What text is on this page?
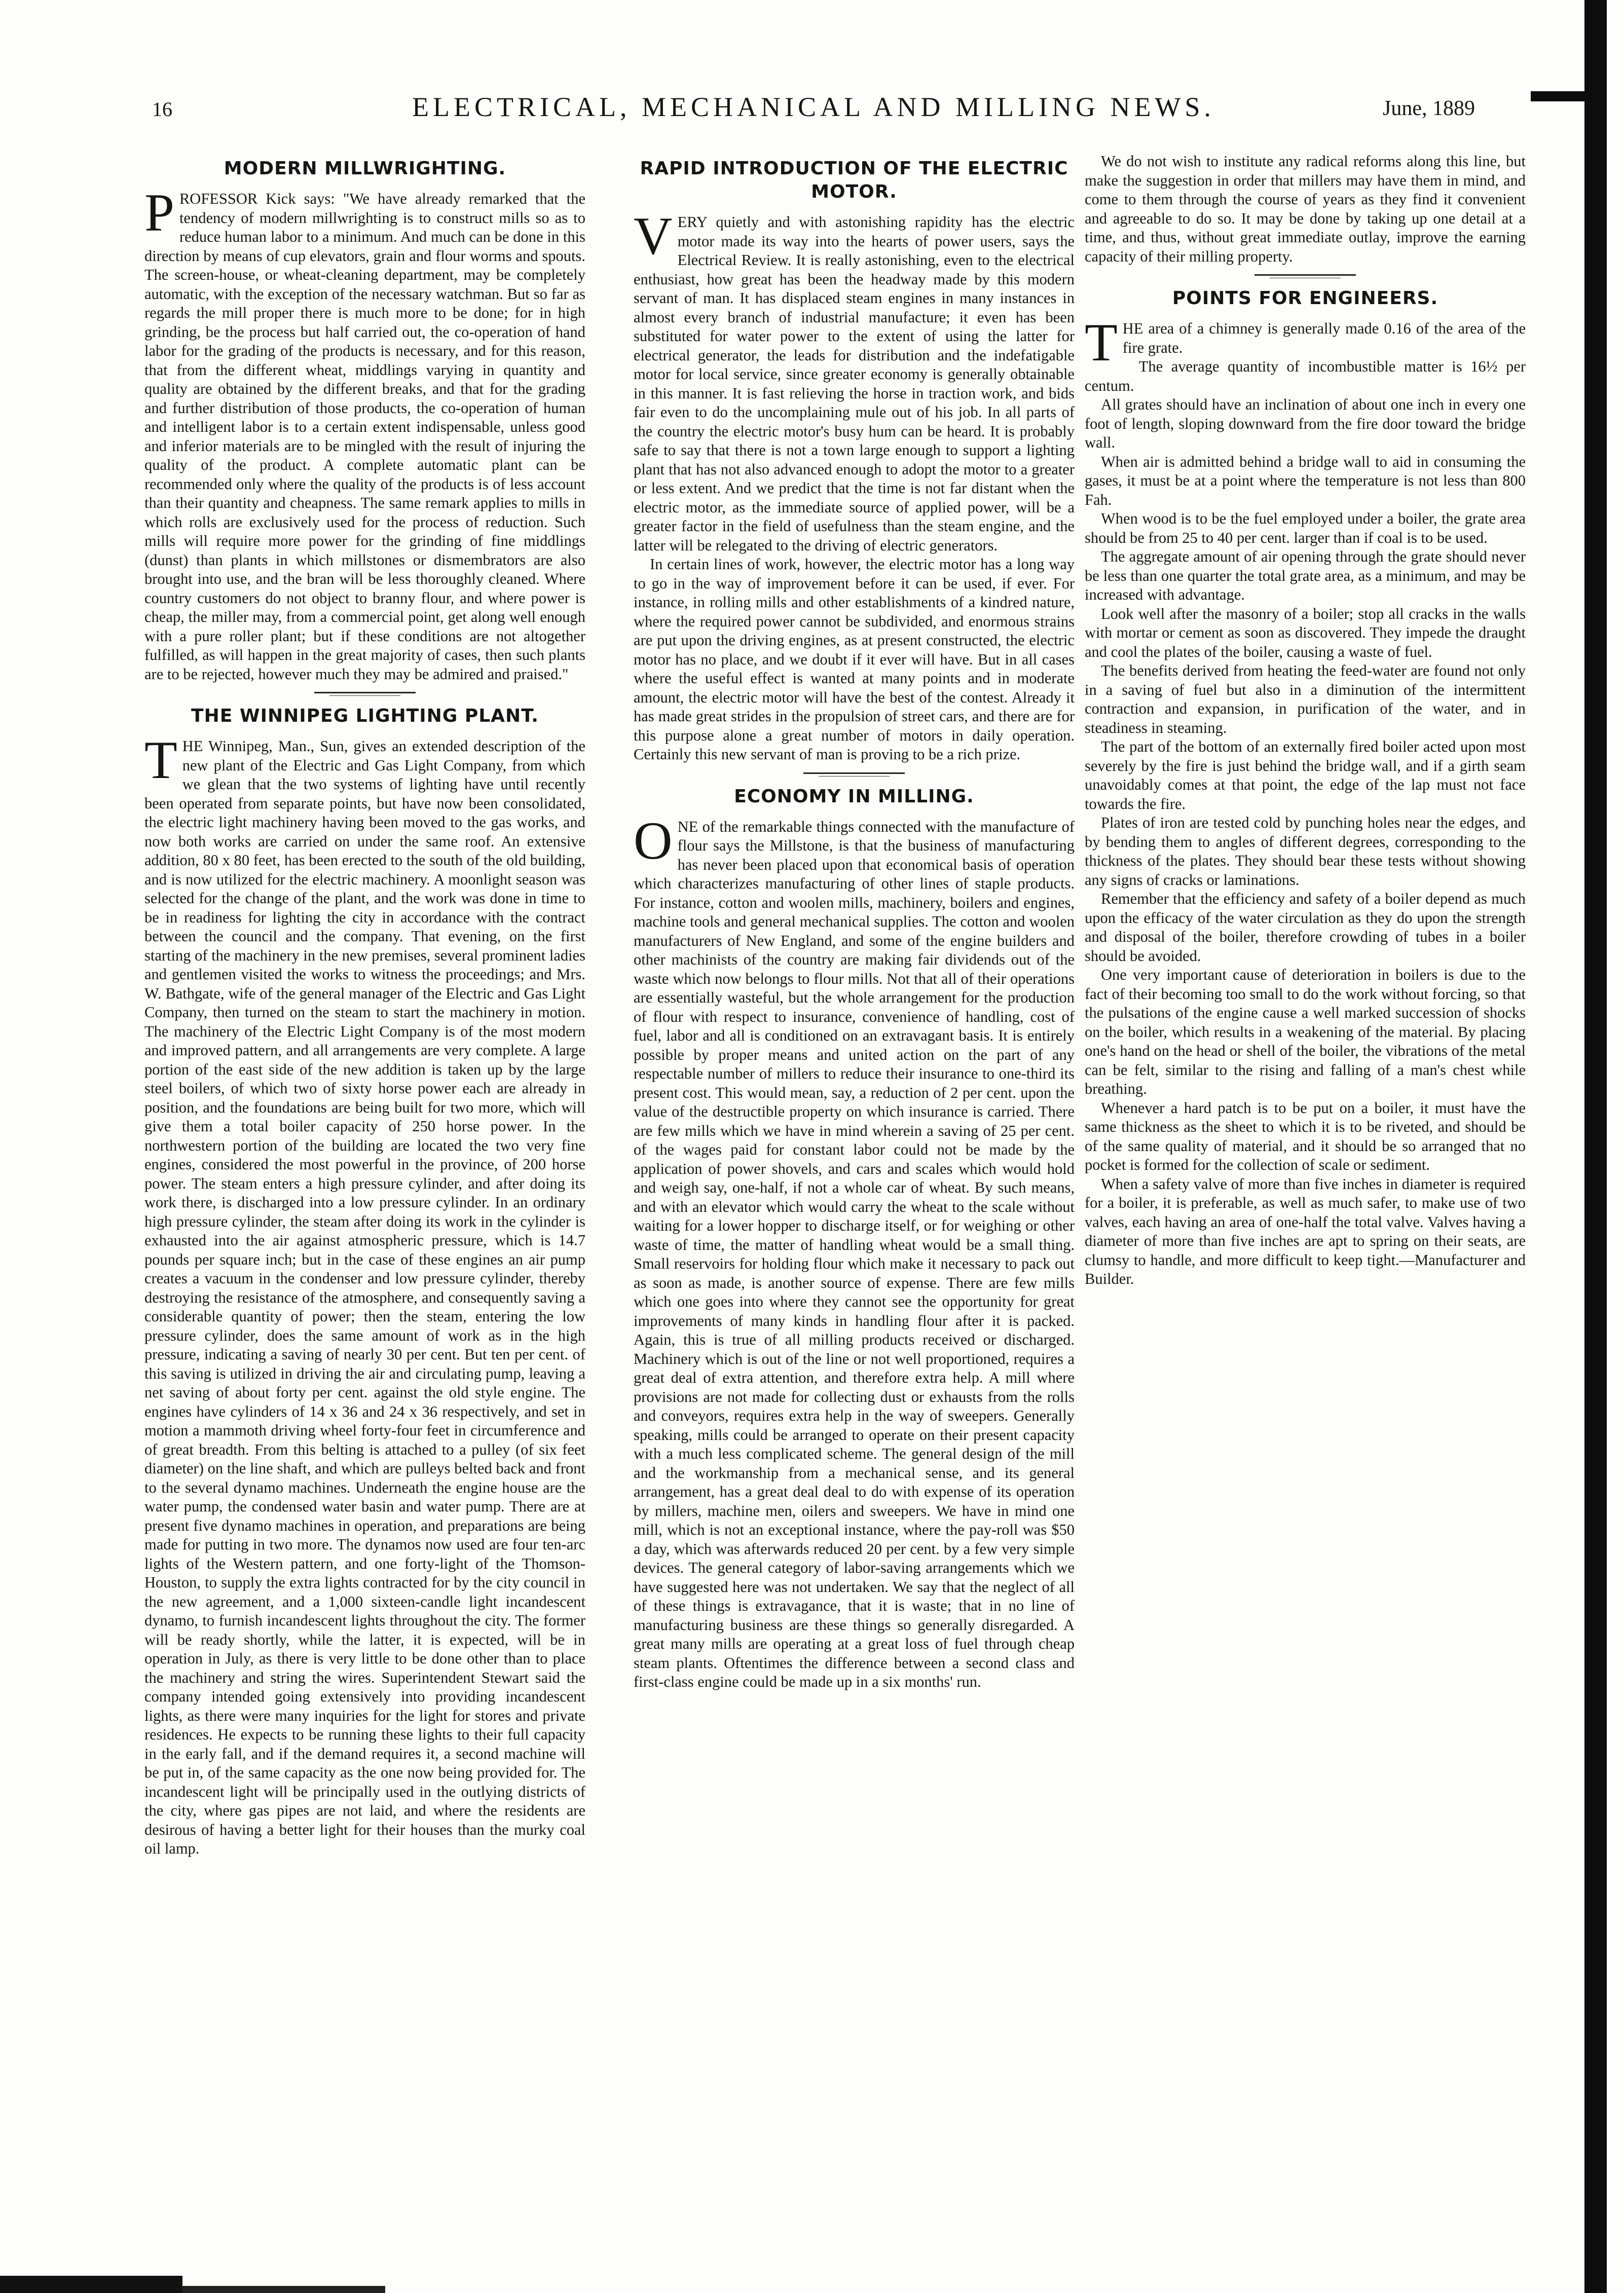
16	ELECTRICAL, MECHANICAL AND MILLING NEWS.	June, 1889
MODERN MILLWRIGHTING.

PROFESSOR Kick says: "We have already remarked that the tendency of modern millwrighting is to construct mills so as to reduce human labor to a minimum. And much can be done in this direction by means of cup elevators, grain and flour worms and spouts. The screen-house, or wheat-cleaning department, may be completely automatic, with the exception of the necessary watchman. But so far as regards the mill proper there is much more to be done; for in high grinding, be the process but half carried out, the co-operation of hand labor for the grading of the products is necessary, and for this reason, that from the different wheat, middlings varying in quantity and quality are obtained by the different breaks, and that for the grading and further distribution of those products, the co-operation of human and intelligent labor is to a certain extent indispensable, unless good and inferior materials are to be mingled with the result of injuring the quality of the product. A complete automatic plant can be recommended only where the quality of the products is of less account than their quantity and cheapness. The same remark applies to mills in which rolls are exclusively used for the process of reduction. Such mills will require more power for the grinding of fine middlings (dunst) than plants in which millstones or dismembrators are also brought into use, and the bran will be less thoroughly cleaned. Where country customers do not object to branny flour, and where power is cheap, the miller may, from a commercial point, get along well enough with a pure roller plant; but if these conditions are not altogether fulfilled, as will happen in the great majority of cases, then such plants are to be rejected, however much they may be admired and praised."

THE WINNIPEG LIGHTING PLANT.

THE Winnipeg, Man., Sun, gives an extended description of the new plant of the Electric and Gas Light Company, from which we glean that the two systems of lighting have until recently been operated from separate points, but have now been consolidated, the electric light machinery having been moved to the gas works, and now both works are carried on under the same roof. An extensive addition, 80 x 80 feet, has been erected to the south of the old building, and is now utilized for the electric machinery. A moonlight season was selected for the change of the plant, and the work was done in time to be in readiness for lighting the city in accordance with the contract between the council and the company. That evening, on the first starting of the machinery in the new premises, several prominent ladies and gentlemen visited the works to witness the proceedings; and Mrs. W. Bathgate, wife of the general manager of the Electric and Gas Light Company, then turned on the steam to start the machinery in motion. The machinery of the Electric Light Company is of the most modern and improved pattern, and all arrangements are very complete. A large portion of the east side of the new addition is taken up by the large steel boilers, of which two of sixty horse power each are already in position, and the foundations are being built for two more, which will give them a total boiler capacity of 250 horse power. In the northwestern portion of the building are located the two very fine engines, considered the most powerful in the province, of 200 horse power. The steam enters a high pressure cylinder, and after doing its work there, is discharged into a low pressure cylinder. In an ordinary high pressure cylinder, the steam after doing its work in the cylinder is exhausted into the air against atmospheric pressure, which is 14.7 pounds per square inch; but in the case of these engines an air pump creates a vacuum in the condenser and low pressure cylinder, thereby destroying the resistance of the atmosphere, and consequently saving a considerable quantity of power; then the steam, entering the low pressure cylinder, does the same amount of work as in the high pressure, indicating a saving of nearly 30 per cent. But ten per cent. of this saving is utilized in driving the air and circulating pump, leaving a net saving of about forty per cent. against the old style engine. The engines have cylinders of 14 x 36 and 24 x 36 respectively, and set in motion a mammoth driving wheel forty-four feet in circumference and of great breadth. From this belting is attached to a pulley (of six feet diameter) on the line shaft, and which are pulleys belted back and front to the several dynamo machines. Underneath the engine house are the water pump, the condensed water basin and water pump. There are at present five dynamo machines in operation, and preparations are being made for putting in two more. The dynamos now used are four ten-arc lights of the Western pattern, and one forty-light of the Thomson-Houston, to supply the extra lights contracted for by the city council in the new agreement, and a 1,000 sixteen-candle light incandescent dynamo, to furnish incandescent lights throughout the city. The former will be ready shortly, while the latter, it is expected, will be in operation in July, as there is very little to be done other than to place the machinery and string the wires. Superintendent Stewart said the company intended going extensively into providing incandescent lights, as there were many inquiries for the light for stores and private residences. He expects to be running these lights to their full capacity in the early fall, and if the demand requires it, a second machine will be put in, of the same capacity as the one now being provided for. The incandescent light will be principally used in the outlying districts of the city, where gas pipes are not laid, and where the residents are desirous of having a better light for their houses than the murky coal oil lamp.

RAPID INTRODUCTION OF THE ELECTRIC MOTOR.

VERY quietly and with astonishing rapidity has the electric motor made its way into the hearts of power users, says the Electrical Review. It is really astonishing, even to the electrical enthusiast, how great has been the headway made by this modern servant of man. It has displaced steam engines in many instances in almost every branch of industrial manufacture; it even has been substituted for water power to the extent of using the latter for electrical generator, the leads for distribution and the indefatigable motor for local service, since greater economy is generally obtainable in this manner. It is fast relieving the horse in traction work, and bids fair even to do the uncomplaining mule out of his job. In all parts of the country the electric motor's busy hum can be heard. It is probably safe to say that there is not a town large enough to support a lighting plant that has not also advanced enough to adopt the motor to a greater or less extent. And we predict that the time is not far distant when the electric motor, as the immediate source of applied power, will be a greater factor in the field of usefulness than the steam engine, and the latter will be relegated to the driving of electric generators.

In certain lines of work, however, the electric motor has a long way to go in the way of improvement before it can be used, if ever. For instance, in rolling mills and other establishments of a kindred nature, where the required power cannot be subdivided, and enormous strains are put upon the driving engines, as at present constructed, the electric motor has no place, and we doubt if it ever will have. But in all cases where the useful effect is wanted at many points and in moderate amount, the electric motor will have the best of the contest. Already it has made great strides in the propulsion of street cars, and there are for this purpose alone a great number of motors in daily operation. Certainly this new servant of man is proving to be a rich prize.

ECONOMY IN MILLING.

ONE of the remarkable things connected with the manufacture of flour says the Millstone, is that the business of manufacturing has never been placed upon that economical basis of operation which characterizes manufacturing of other lines of staple products. For instance, cotton and woolen mills, machinery, boilers and engines, machine tools and general mechanical supplies. The cotton and woolen manufacturers of New England, and some of the engine builders and other machinists of the country are making fair dividends out of the waste which now belongs to flour mills. Not that all of their operations are essentially wasteful, but the whole arrangement for the production of flour with respect to insurance, convenience of handling, cost of fuel, labor and all is conditioned on an extravagant basis. It is entirely possible by proper means and united action on the part of any respectable number of millers to reduce their insurance to one-third its present cost. This would mean, say, a reduction of 2 per cent. upon the value of the destructible property on which insurance is carried. There are few mills which we have in mind wherein a saving of 25 per cent. of the wages paid for constant labor could not be made by the application of power shovels, and cars and scales which would hold and weigh say, one-half, if not a whole car of wheat. By such means, and with an elevator which would carry the wheat to the scale without waiting for a lower hopper to discharge itself, or for weighing or other waste of time, the matter of handling wheat would be a small thing. Small reservoirs for holding flour which make it necessary to pack out as soon as made, is another source of expense. There are few mills which one goes into where they cannot see the opportunity for great improvements of many kinds in handling flour after it is packed. Again, this is true of all milling products received or discharged. Machinery which is out of the line or not well proportioned, requires a great deal of extra attention, and therefore extra help. A mill where provisions are not made for collecting dust or exhausts from the rolls and conveyors, requires extra help in the way of sweepers. Generally speaking, mills could be arranged to operate on their present capacity with a much less complicated scheme. The general design of the mill and the workmanship from a mechanical sense, and its general arrangement, has a great deal deal to do with expense of its operation by millers, machine men, oilers and sweepers. We have in mind one mill, which is not an exceptional instance, where the pay-roll was $50 a day, which was afterwards reduced 20 per cent. by a few very simple devices. The general category of labor-saving arrangements which we have suggested here was not undertaken. We say that the neglect of all of these things is extravagance, that it is waste; that in no line of manufacturing business are these things so generally disregarded. A great many mills are operating at a great loss of fuel through cheap steam plants. Oftentimes the difference between a second class and first-class engine could be made up in a six months' run.

We do not wish to institute any radical reforms along this line, but make the suggestion in order that millers may have them in mind, and come to them through the course of years as they find it convenient and agreeable to do so. It may be done by taking up one detail at a time, and thus, without great immediate outlay, improve the earning capacity of their milling property.

POINTS FOR ENGINEERS.

THE area of a chimney is generally made 0.16 of the area of the fire grate.

The average quantity of incombustible matter is 16½ per centum.

All grates should have an inclination of about one inch in every one foot of length, sloping downward from the fire door toward the bridge wall.

When air is admitted behind a bridge wall to aid in consuming the gases, it must be at a point where the temperature is not less than 800 Fah.

When wood is to be the fuel employed under a boiler, the grate area should be from 25 to 40 per cent. larger than if coal is to be used.

The aggregate amount of air opening through the grate should never be less than one quarter the total grate area, as a minimum, and may be increased with advantage.

Look well after the masonry of a boiler; stop all cracks in the walls with mortar or cement as soon as discovered. They impede the draught and cool the plates of the boiler, causing a waste of fuel.

The benefits derived from heating the feed-water are found not only in a saving of fuel but also in a diminution of the intermittent contraction and expansion, in purification of the water, and in steadiness in steaming.

The part of the bottom of an externally fired boiler acted upon most severely by the fire is just behind the bridge wall, and if a girth seam unavoidably comes at that point, the edge of the lap must not face towards the fire.

Plates of iron are tested cold by punching holes near the edges, and by bending them to angles of different degrees, corresponding to the thickness of the plates. They should bear these tests without showing any signs of cracks or laminations.

Remember that the efficiency and safety of a boiler depend as much upon the efficacy of the water circulation as they do upon the strength and disposal of the boiler, therefore crowding of tubes in a boiler should be avoided.

One very important cause of deterioration in boilers is due to the fact of their becoming too small to do the work without forcing, so that the pulsations of the engine cause a well marked succession of shocks on the boiler, which results in a weakening of the material. By placing one's hand on the head or shell of the boiler, the vibrations of the metal can be felt, similar to the rising and falling of a man's chest while breathing.

Whenever a hard patch is to be put on a boiler, it must have the same thickness as the sheet to which it is to be riveted, and should be of the same quality of material, and it should be so arranged that no pocket is formed for the collection of scale or sediment.

When a safety valve of more than five inches in diameter is required for a boiler, it is preferable, as well as much safer, to make use of two valves, each having an area of one-half the total valve. Valves having a diameter of more than five inches are apt to spring on their seats, are clumsy to handle, and more difficult to keep tight.—Manufacturer and Builder.
